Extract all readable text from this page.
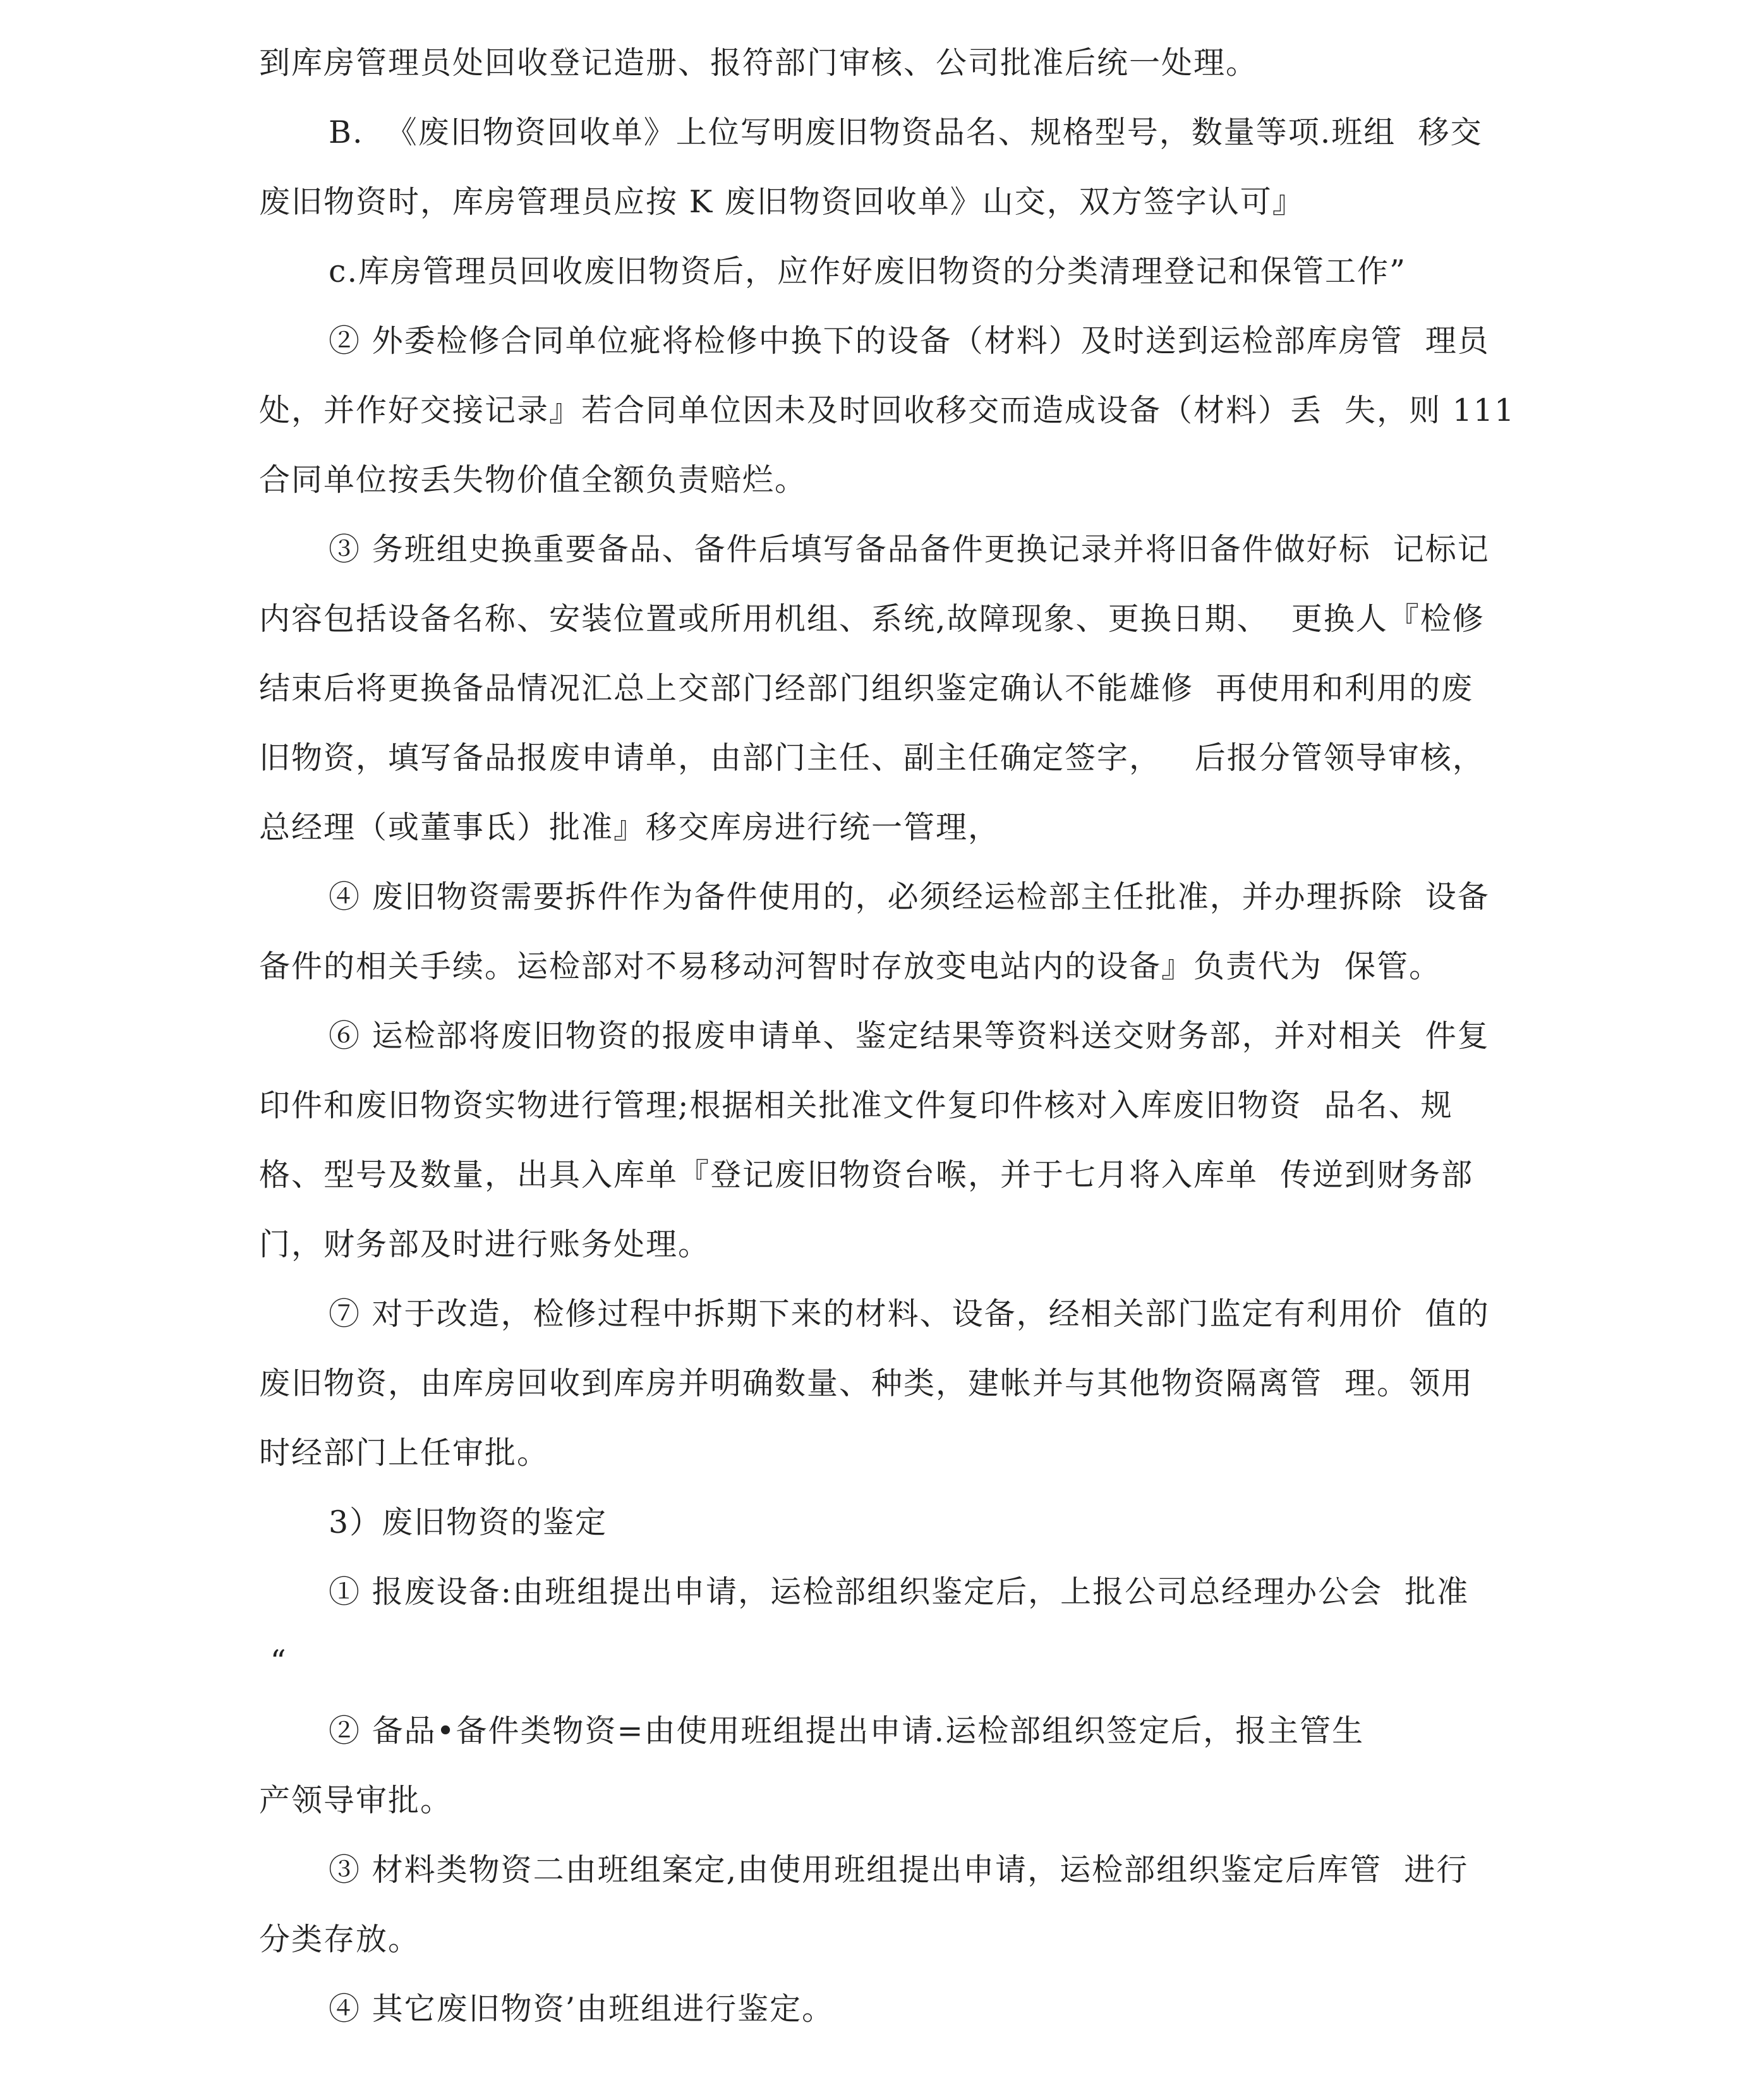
到库房管理员处回收登记造册、报符部门审核、公司批准后统一处理。
B.  《废旧物资回收单》上位写明废旧物资品名、规格型号，数量等项.班组  移交
废旧物资时，库房管理员应按 K 废旧物资回收单》山交，双方签字认可』
c.库房管理员回收废旧物资后，应作好废旧物资的分类清理登记和保管工作”
② 外委检修合同单位疵将检修中换下的设备（材料）及时送到运检部库房管  理员
处，并作好交接记录』若合同单位因未及时回收移交而造成设备（材料）丢  失，则 111
合同单位按丢失物价值全额负责赔烂。
③ 务班组史换重要备品、备件后填写备品备件更换记录并将旧备件做好标  记标记
内容包括设备名称、安装位置或所用机组、系统,故障现象、更换日期、  更换人『检修
结束后将更换备品情况汇总上交部门经部门组织鉴定确认不能雄修  再使用和利用的废
旧物资，填写备品报废申请单，由部门主任、副主任确定签字，   后报分管领导审核，
总经理（或董事氐）批准』移交库房进行统一管理，
④ 废旧物资需要拆件作为备件使用的，必须经运检部主任批准，并办理拆除  设备
备件的相关手续。运检部对不易移动河智时存放变电站内的设备』负责代为  保管。
⑥ 运检部将废旧物资的报废申请单、鉴定结果等资料送交财务部，并对相关  件复
印件和废旧物资实物进行管理;根据相关批准文件复印件核对入库废旧物资  品名、规
格、型号及数量，出具入库单『登记废旧物资台喉，并于七月将入库单  传逆到财务部
门，财务部及时进行账务处理。
⑦ 对于改造，检修过程中拆期下来的材料、设备，经相关部门监定有利用价  值的
废旧物资，由库房回收到库房并明确数量、种类，建帐并与其他物资隔离管  理。领用
时经部门上任审批。
3）废旧物资的鉴定
① 报废设备:由班组提出申请，运检部组织鉴定后，上报公司总经理办公会  批准
“
② 备品•备件类物资=由使用班组提出申请.运检部组织签定后，报主管生
产领导审批。
③ 材料类物资二由班组案定,由使用班组提出申请，运检部组织鉴定后库管  进行
分类存放。
④ 其它废旧物资’由班组进行鉴定。
